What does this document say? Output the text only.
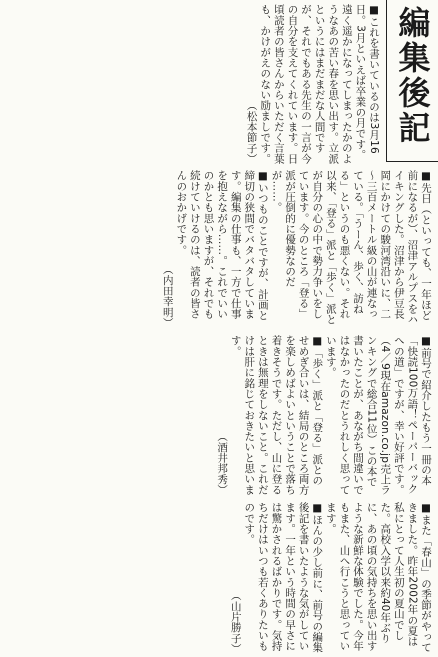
編集後記

■これを書いているのは3月16日。3月といえば卒業の月です。遠く遥かになってしまったかのようなあの苦い春を思い出す。立派というにはまだまだな人間ですが、それでもある先生の一言が今の自分を支えてくれています。日頃読者の皆さんからいただく言葉も、かけがえのない励ましです。

（松本節子）

■先日（といっても、一年ほど前になるが）、沼津アルプスをハイキングした。沼津から伊豆長岡にかけての駿河湾沿いに、二～三百メートル級の山が連なっている。「うーん、歩く、訪ねる」というのも悪くない。それ以来、「登る」派と「歩く」派とが自分の心の中で勢力争いをしています。今のところ「登る」派が圧倒的に優勢なのだが……。

■いつものことですが、計画と締切の狭間でバタバタしています。編集の仕事も、一方で仕事を抱えながら……。これでいいのかとも思いますが、それでも続けていけるのは、読者の皆さんのおかげです。

（内田幸明）

■前号で紹介したもう一冊の本「快読100万語！ペーパーバックへの道」ですが、幸い好評です。（4／9現在amazon.co.jp売上ランキングで総合11位）この本で書いたことが、あながち間違いではなかったのだとうれしく思っています。

■「歩く」派と「登る」派とのせめぎ合いは、結局のところ両方を楽しめばよいということで落ち着きそうです。ただし、山に登るときは無理をしないこと。これだけは肝に銘じておきたいと思います。

（酒井邦秀）

■また「春山」の季節がやってきました。昨年2002年の夏は私にとって人生初の夏山でした。高校入学以来約40年ぶりに、あの頃の気持ちを思い出すような新鮮な体験でした。今年もまた、山へ行こうと思っています。

■ほんの少し前に、前号の編集後記を書いたような気がしています。一年という時間の早さには驚かされるばかりです。気持ちだけはいつも若くありたいものです。

（山片勝子）
